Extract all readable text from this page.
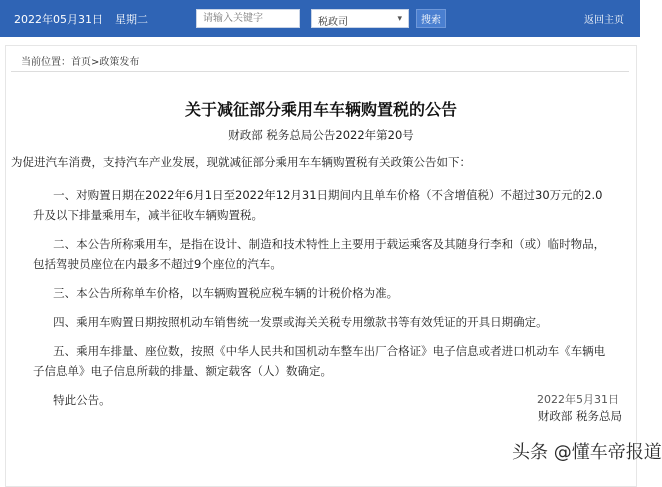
2022年05月31日 星期二
请输入关键字	税政司	▾	搜索	返回主页
当前位置：首页>政策发布
关于减征部分乘用车车辆购置税的公告
财政部 税务总局公告2022年第20号

为促进汽车消费，支持汽车产业发展，现就减征部分乘用车车辆购置税有关政策公告如下：

一、对购置日期在2022年6月1日至2022年12月31日期间内且单车价格（不含增值税）不超过30万元的2.0升及以下排量乘用车，减半征收车辆购置税。

二、本公告所称乘用车，是指在设计、制造和技术特性上主要用于载运乘客及其随身行李和（或）临时物品，包括驾驶员座位在内最多不超过9个座位的汽车。

三、本公告所称单车价格，以车辆购置税应税车辆的计税价格为准。

四、乘用车购置日期按照机动车销售统一发票或海关关税专用缴款书等有效凭证的开具日期确定。

五、乘用车排量、座位数，按照《中华人民共和国机动车整车出厂合格证》电子信息或者进口机动车《车辆电子信息单》电子信息所载的排量、额定载客（人）数确定。

特此公告。

财政部 税务总局
2022年5月31日
头条 @懂车帝报道
